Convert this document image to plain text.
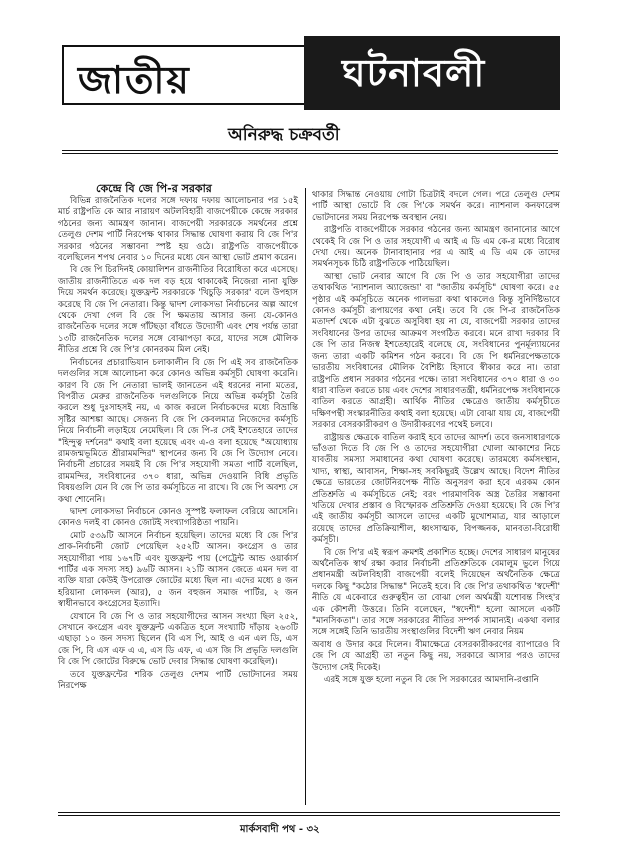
জাতীয়	ঘটনাবলী
অনিরুদ্ধ চক্রবর্তী
কেন্দ্রে বি জে পি-র সরকার

বিভিন্ন রাজনৈতিক দলের সঙ্গে দফায় দফায় আলোচনার পর ১৫ই মার্চ রাষ্ট্রপতি কে আর নারায়ণ অটলবিহারী বাজপেয়ীকে কেন্দ্রে সরকার গঠনের জন্য আমন্ত্রণ জানান। বাজপেয়ী সরকারকে সমর্থনের প্রশ্নে তেলুগু দেশম পার্টি নিরপেক্ষ থাকার সিদ্ধান্ত ঘোষণা করায় বি জে পি'র সরকার গঠনের সম্ভাবনা স্পষ্ট হয় ওঠে। রাষ্ট্রপতি বাজপেয়ীকে বলেছিলেন শপথ নেবার ১০ দিনের মধ্যে যেন আস্থা ভোট প্রমাণ করেন।

বি জে পি চিরদিনই কোয়ালিশন রাজনীতির বিরোধিতা করে এসেছে। জাতীয় রাজনীতিতে এক দল বড় হয়ে থাকাকেই নিজেরা নানা যুক্তি দিয়ে সমর্থন করেছে। যুক্তফ্রন্ট সরকারকে 'খিচুড়ি সরকার' বলে উপহাস করেছে বি জে পি নেতারা। কিন্তু দ্বাদশ লোকসভা নির্বাচনের অল্প আগে থেকে দেখা গেল বি জে পি ক্ষমতায় আসার জন্য যে-কোনও রাজনৈতিক দলের সঙ্গে গাঁটছড়া বাঁধতে উদ্যোগী এবং শেষ পর্যন্ত তারা ১৩টি রাজনৈতিক দলের সঙ্গে বোঝাপড়া করে, যাদের সঙ্গে মৌলিক নীতির প্রশ্নে বি জে পি'র কোনরকম মিল নেই।

নির্বাচনের প্রচারাভিযান চলাকালীন বি জে পি এই সব রাজনৈতিক দলগুলির সঙ্গে আলোচনা করে কোনও অভিন্ন কর্মসূচী ঘোষণা করেনি। কারণ বি জে পি নেতারা ভালই জানতেন এই ধরনের নানা মতের, বিপরীত মেরুর রাজনৈতিক দলগুলিকে নিয়ে অভিন্ন কর্মসূচী তৈরি করলে শুধু দুঃসাহসই নয়, এ কাজ করলে নির্বাচকদের মধ্যে বিভ্রান্তি সৃষ্টির আশঙ্কা আছে। সেজন্য বি জে পি কেবলমাত্র নিজেদের কর্মসূচি নিয়ে নির্বাচনী লড়াইয়ে নেমেছিল। বি জে পি-র সেই ইশতেহারে তাদের "হিন্দুত্ব দর্শনের" কথাই বলা হয়েছে এবং এ-ও বলা হয়েছে "অযোধ্যায় রামজন্মভূমিতে শ্রীরামমন্দির" স্থাপনের জন্য বি জে পি উদ্যোগ নেবে। নির্বাচনী প্রচারের সময়ই বি জে পি'র সহযোগী সমতা পার্টি বলেছিল, রামমন্দির, সংবিধানের ৩৭০ ধারা, অভিন্ন দেওয়ানি বিধি প্রভৃতি বিষয়গুলি যেন বি জে পি তার কর্মসূচিতে না রাখে। বি জে পি অবশ্য সে কথা শোনেনি।

দ্বাদশ লোকসভা নির্বাচনে কোনও সুস্পষ্ট ফলাফল বেরিয়ে আসেনি। কোনও দলই বা কোনও জোটই সংখ্যাগরিষ্ঠতা পায়নি।

মোট ৫৩৯টি আসনে নির্বাচন হয়েছিল। তাদের মধ্যে বি জে পি'র প্রাক-নির্বাচনী জোট পেয়েছিল ২৫২টি আসন। কংগ্রেস ও তার সহযোগীরা পায় ১৬৭টি এবং যুক্তফ্রন্ট পায় (পেট্রেন্ট আন্ড ওয়ার্কার্স পার্টির এক সদস্য সহ) ৯৬টি আসন। ২১টি আসন জেতে এমন দল বা ব্যক্তি যারা কেউই উপরোক্ত জোটের মধ্যে ছিল না। এদের মধ্যে ৪ জন হরিয়ানা লোকদল (আর), ৫ জন বহুজন সমাজ পার্টির, ২ জন স্বাধীনভাবে কংগ্রেসের ইত্যাদি।

যেখানে বি জে পি ও তার সহযোগীদের আসন সংখ্যা ছিল ২৫২, সেখানে কংগ্রেস এবং যুক্তফ্রন্ট একত্রিত হলে সংখ্যাটি দাঁড়ায় ২৬৩টি এছাড়া ১০ জন সদস্য ছিলেন (বি এস পি, আই ও এন এল ডি, এস জে পি, বি এস এফ এ এ, এস ডি এফ, এ এস জি সি প্রভৃতি দলগুলি বি জে পি জোটের বিরুদ্ধে ভোট দেবার সিদ্ধান্ত ঘোষণা করেছিল)।

তবে যুক্তফ্রন্টের শরিক তেলুগু দেশম পার্টি ভোটদানের সময় নিরপেক্ষ

থাকার সিদ্ধান্ত নেওয়ায় গোটা চিত্রটাই বদলে গেল। পরে তেলুগু দেশম পার্টি আস্থা ভোটে বি জে পি'কে সমর্থন করে। ন্যাশনাল কনফারেন্স ভোটদানের সময় নিরপেক্ষ অবস্থান নেয়।

রাষ্ট্রপতি বাজপেয়ীকে সরকার গঠনের জন্য আমন্ত্রণ জানানোর আগে থেকেই বি জে পি ও তার সহযোগী এ আই এ ডি এম কে-র মধ্যে বিরোধ দেখা দেয়। অনেক টানাবাহানার পর এ আই এ ডি এম কে তাদের সমর্থনসূচক চিঠি রাষ্ট্রপতিকে পাঠিয়েছিল।

আস্থা ভোট নেবার আগে বি জে পি ও তার সহযোগীরা তাদের তথাকথিত 'ন্যাশনাল অ্যাজেন্ডা' বা "জাতীয় কর্মসূচি" ঘোষণা করে। ৫৫ পৃষ্ঠার এই কর্মসূচিতে অনেক গালভরা কথা থাকলেও কিন্তু সুনির্দিষ্টভাবে কোনও কর্মসূচী রূপায়ণের কথা নেই। তবে বি জে পি-র রাজনৈতিক মতাদর্শ থেকে এটা বুঝতে অসুবিধা হয় না যে, বাজপেয়ী সরকার তাদের সংবিধানের উপর তাদের আক্রমণ সংগঠিত করবে। মনে রাখা দরকার বি জে পি তার নিজস্ব ইশতেহারেই বলেছে যে, সংবিধানের পুনর্মূল্যায়নের জন্য তারা একটি কমিশন গঠন করবে। বি জে পি ধর্মনিরপেক্ষতাকে ভারতীয় সংবিধানের মৌলিক বৈশিষ্ট্য হিসাবে স্বীকার করে না। তারা রাষ্ট্রপতি প্রধান সরকার গঠনের পক্ষে। তারা সংবিধানের ৩৭০ ধারা ও ৩০ ধারা বাতিল করতে চায় এবং দেশের সাধারণতন্ত্রী, ধর্মনিরপেক্ষ সংবিধানকে বাতিল করতে আগ্রহী। আর্থিক নীতির ক্ষেত্রেও জাতীয় কর্মসূচীতে দক্ষিণপন্থী সংস্কারনীতির কথাই বলা হয়েছে। এটা বোঝা যায় যে, বাজপেয়ী সরকার বেসরকারীকরণ ও উদারীকরণের পথেই চলবে।

রাষ্ট্রায়ত্ত ক্ষেত্রকে বাতিল করাই হবে তাদের আদর্শ। তবে জনসাধারণকে ভাঁওতা দিতে বি জে পি ও তাদের সহযোগীরা খোলা আকাশের নিচে যাবতীয় সমস্যা সমাধানের কথা ঘোষণা করেছে। তারমধ্যে কর্মসংস্থান, খাদ্য, স্বাস্থ্য, আবাসন, শিক্ষা-সহ সবকিছুরই উল্লেখ আছে। বিদেশ নীতির ক্ষেত্রে ভারতের জোটনিরপেক্ষ নীতি অনুসরণ করা হবে এরকম কোন প্রতিশ্রুতি এ কর্মসূচিতে নেই; বরং পারমাণবিক অস্ত্র তৈরির সম্ভাবনা খতিয়ে দেখার প্রস্তাব ও বিস্ফোরক প্রতিশ্রুতি দেওয়া হয়েছে। বি জে পি'র এই জাতীয় কর্মসূচী আসলে তাদের একটি মুখোশমাত্র, যার আড়ালে রয়েছে তাদের প্রতিক্রিয়াশীল, ধ্বংসাত্মক, বিপজ্জনক, মানবতা-বিরোধী কর্মসূচী।

বি জে পি'র এই স্বরূপ ক্রমশই প্রকাশিত হচ্ছে। দেশের সাধারণ মানুষের অর্থনৈতিক স্বার্থ রক্ষা করার নির্বাচনী প্রতিশ্রুতিকে বেমালুম ভুলে গিয়ে প্রধানমন্ত্রী অটলবিহারী বাজপেয়ী বলেই দিয়েছেন অর্থনৈতিক ক্ষেত্রে দলকে কিছু "কঠোর সিদ্ধান্ত" নিতেই হবে। বি জে পি'র তথাকথিত 'স্বদেশী' নীতি যে একেবারে গুরুত্বহীন তা বোঝা গেল অর্থমন্ত্রী যশোবন্ত সিংহ'র এক কৌশলী উত্তরে। তিনি বলেছেন, "স্বদেশী" হলো আসলে একটি "মানসিকতা"। তার সঙ্গে সরকারের নীতির সম্পর্ক সামান্যই। একথা বলার সঙ্গে সঙ্গেই তিনি ভারতীয় সংস্থাগুলির বিদেশী ঋণ নেবার নিয়ম

অবাধ ও উদার করে দিলেন। বীমাক্ষেত্রে বেসরকারীকরণের ব্যাপারেও বি জে পি যে আগ্রহী তা নতুন কিছু নয়, সরকারে আসার পরও তাদের উদ্যোগ সেই দিকেই।

এরই সঙ্গে যুক্ত হলো নতুন বি জে পি সরকারের আমদানি-রপ্তানি

মার্কসবাদী পথ - ৩২
